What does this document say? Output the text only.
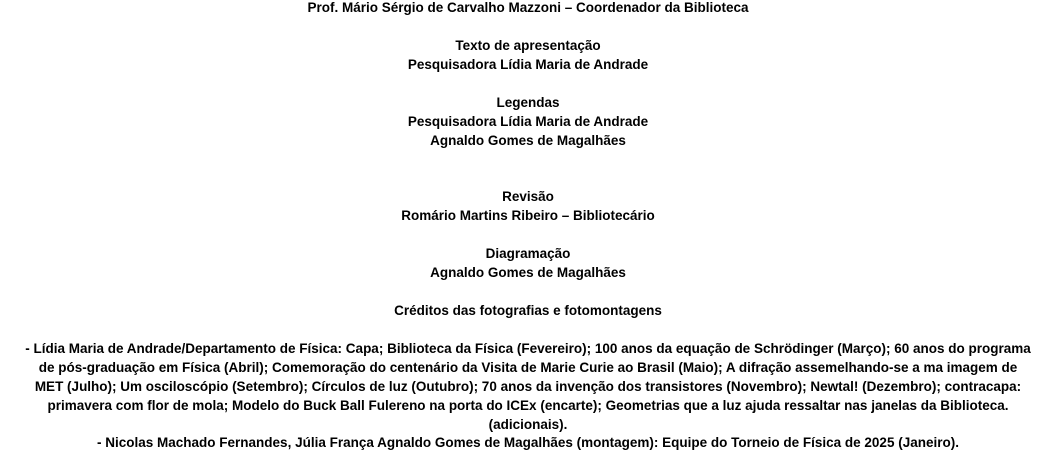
Prof. Mário Sérgio de Carvalho Mazzoni – Coordenador da Biblioteca
Texto de apresentação
Pesquisadora Lídia Maria de Andrade
Legendas
Pesquisadora Lídia Maria de Andrade
Agnaldo Gomes de Magalhães
Revisão
Romário Martins Ribeiro – Bibliotecário
Diagramação
Agnaldo Gomes de Magalhães
Créditos das fotografias e fotomontagens
- Lídia Maria de Andrade/Departamento de Física: Capa; Biblioteca da Física (Fevereiro); 100 anos da equação de Schrödinger (Março); 60 anos do programa de pós-graduação em Física (Abril); Comemoração do centenário da Visita de Marie Curie ao Brasil (Maio); A difração assemelhando-se a ma imagem de MET (Julho); Um osciloscópio (Setembro); Círculos de luz (Outubro); 70 anos da invenção dos transistores (Novembro); Newtal! (Dezembro); contracapa: primavera com flor de mola; Modelo do Buck Ball Fulereno na porta do ICEx (encarte); Geometrias que a luz ajuda ressaltar nas janelas da Biblioteca. (adicionais).
- Nicolas Machado Fernandes, Júlia França Agnaldo Gomes de Magalhães (montagem): Equipe do Torneio de Física de 2025 (Janeiro).
